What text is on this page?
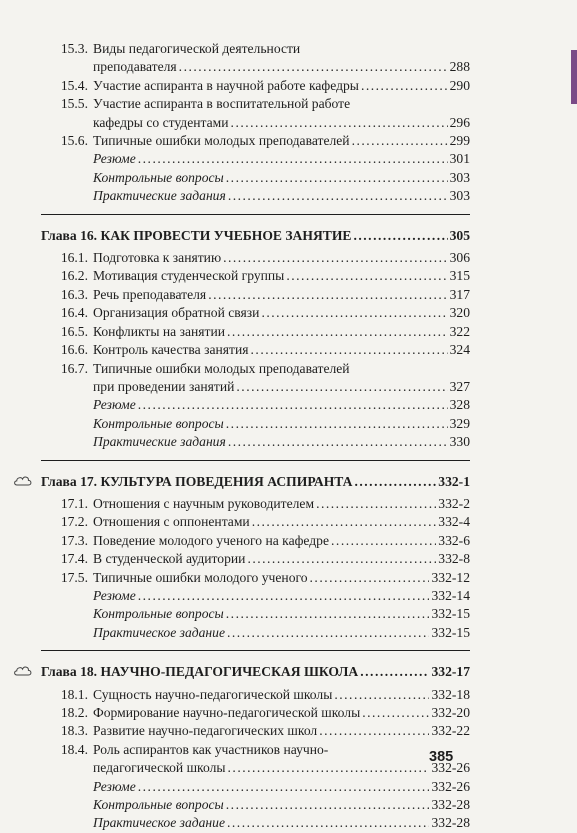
15.3. Виды педагогической деятельности
преподавателя .....	288
15.4. Участие аспиранта в научной работе кафедры .....	290
15.5. Участие аспиранта в воспитательной работе
кафедры со студентами .....	296
15.6. Типичные ошибки молодых преподавателей .....	299
Резюме .....	301
Контрольные вопросы .....	303
Практические задания .....	303
Глава 16. КАК ПРОВЕСТИ УЧЕБНОЕ ЗАНЯТИЕ .....	305
16.1. Подготовка к занятию .....	306
16.2. Мотивация студенческой группы .....	315
16.3. Речь преподавателя .....	317
16.4. Организация обратной связи .....	320
16.5. Конфликты на занятии .....	322
16.6. Контроль качества занятия .....	324
16.7. Типичные ошибки молодых преподавателей
при проведении занятий .....	327
Резюме .....	328
Контрольные вопросы .....	329
Практические задания .....	330
Глава 17. КУЛЬТУРА ПОВЕДЕНИЯ АСПИРАНТА .....	332-1
17.1. Отношения с научным руководителем .....	332-2
17.2. Отношения с оппонентами .....	332-4
17.3. Поведение молодого ученого на кафедре .....	332-6
17.4. В студенческой аудитории .....	332-8
17.5. Типичные ошибки молодого ученого .....	332-12
Резюме .....	332-14
Контрольные вопросы .....	332-15
Практическое задание .....	332-15
Глава 18. НАУЧНО-ПЕДАГОГИЧЕСКАЯ ШКОЛА .....	332-17
18.1. Сущность научно-педагогической школы .....	332-18
18.2. Формирование научно-педагогической школы .....	332-20
18.3. Развитие научно-педагогических школ .....	332-22
18.4. Роль аспирантов как участников научно-
педагогической школы .....	332-26
Резюме .....	332-26
Контрольные вопросы .....	332-28
Практическое задание .....	332-28
385
